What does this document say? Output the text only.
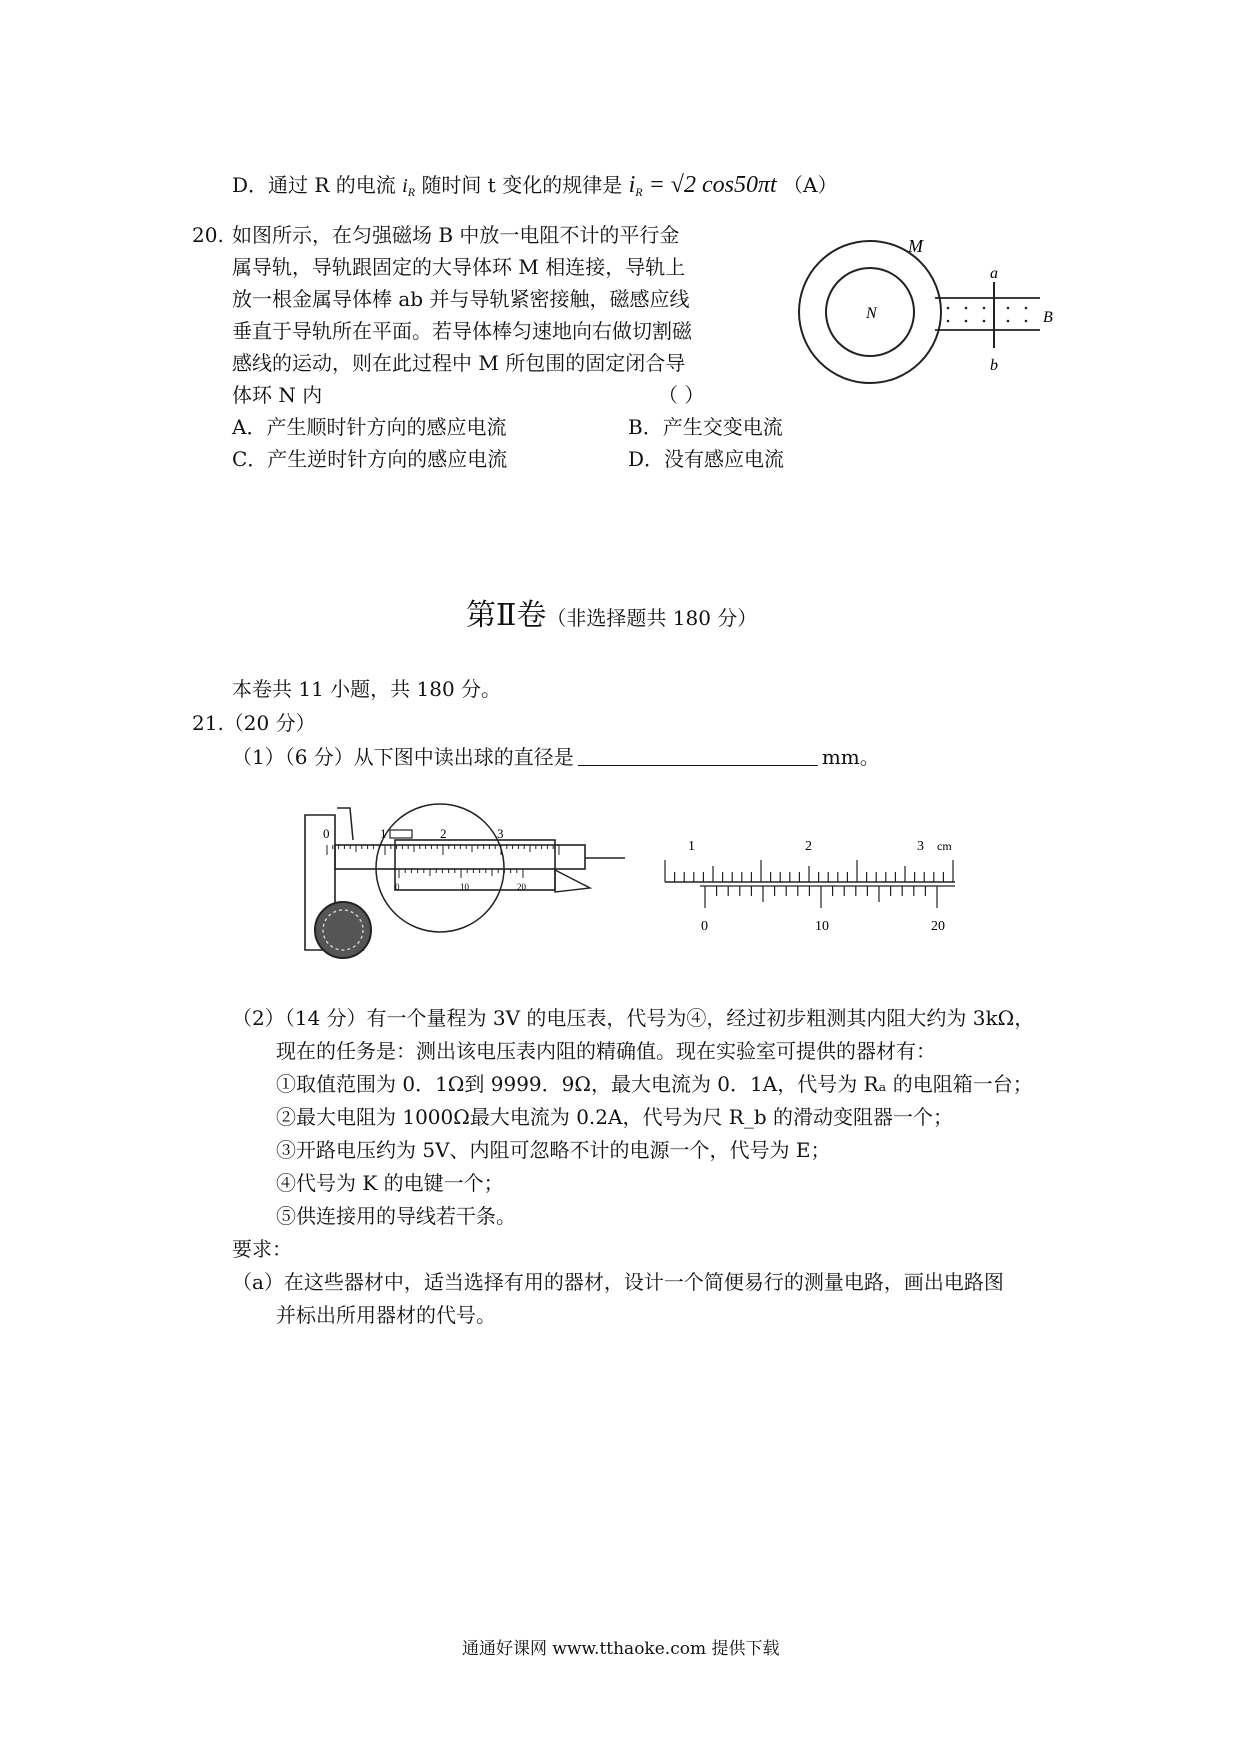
D．通过 R 的电流 $i_R$ 随时间 t 变化的规律是 $i_R = √2$ cos50πt （A）
20. 如图所示，在匀强磁场 B 中放一电阻不计的平行金
属导轨，导轨跟固定的大导体环 M 相连接，导轨上
放一根金属导体棒 ab 并与导轨紧密接触，磁感应线
垂直于导轨所在平面。若导体棒匀速地向右做切割磁
感线的运动，则在此过程中 M 所包围的固定闭合导
体环 N 内	（ ）
A．产生顺时针方向的感应电流	B．产生交变电流
C．产生逆时针方向的感应电流	D．没有感应电流
M
N
a
b
B
第Ⅱ卷（非选择题共 180 分）
本卷共 11 小题，共 180 分。
21.（20 分）
（1）（6 分）从下图中读出球的直径是	mm。
0	1	2	3
0	10	20
1	2	3 cm
0	10	20
（2）（14 分）有一个量程为 3V 的电压表，代号为④，经过初步粗测其内阻大约为 3kΩ，
现在的任务是：测出该电压表内阻的精确值。现在实验室可提供的器材有：
①取值范围为 0．1Ω到 9999．9Ω，最大电流为 0．1A，代号为 Rₐ 的电阻箱一台；
②最大电阻为 1000Ω最大电流为 0.2A，代号为尺 R_b 的滑动变阻器一个；
③开路电压约为 5V、内阻可忽略不计的电源一个，代号为 E；
④代号为 K 的电键一个；
⑤供连接用的导线若干条。
要求：
（a）在这些器材中，适当选择有用的器材，设计一个简便易行的测量电路，画出电路图
并标出所用器材的代号。
通通好课网 www.tthaoke.com 提供下载
